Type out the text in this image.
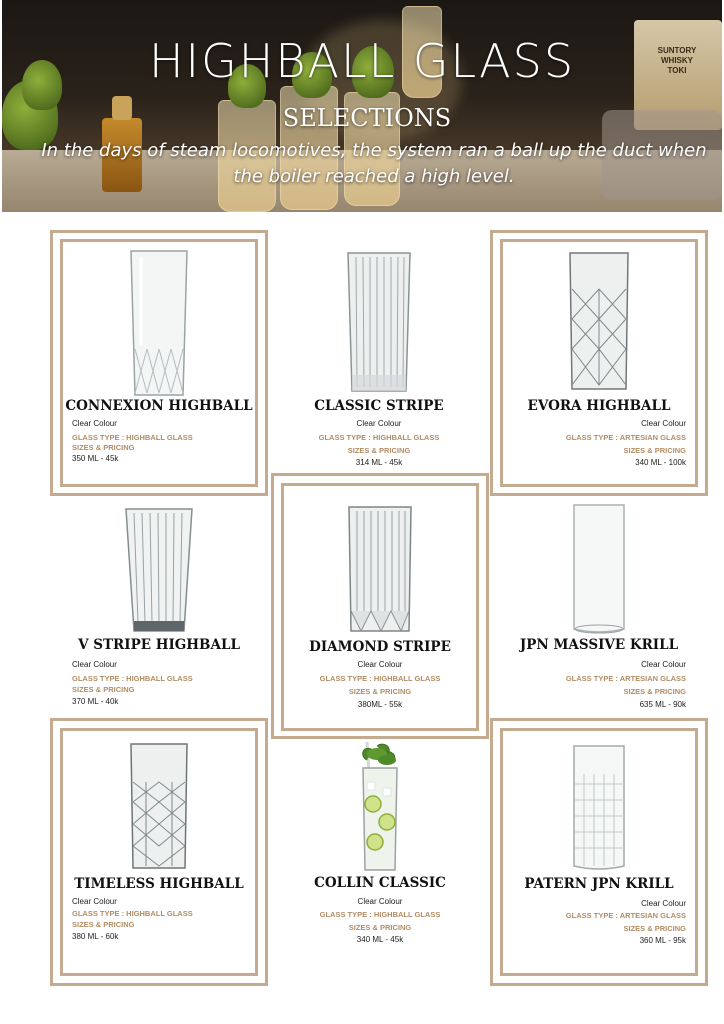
SUNTORY WHISKY TOKI
HIGHBALL GLASS
SELECTIONS
In the days of steam locomotives, the system ran a ball up the duct when
the boiler reached a high level.
CONNEXION HIGHBALL
Clear Colour
GLASS TYPE : HIGHBALL GLASS
SIZES & PRICING
350 ML - 45k
CLASSIC STRIPE
Clear Colour
GLASS TYPE : HIGHBALL GLASS
SIZES & PRICING
314 ML - 45k
EVORA HIGHBALL
Clear Colour
GLASS TYPE : ARTESIAN GLASS
SIZES & PRICING
340 ML - 100k
V STRIPE HIGHBALL
Clear Colour
GLASS TYPE : HIGHBALL GLASS
SIZES & PRICING
370 ML - 40k
DIAMOND STRIPE
Clear Colour
GLASS TYPE : HIGHBALL GLASS
SIZES & PRICING
380ML - 55k
JPN MASSIVE KRILL
Clear Colour
GLASS TYPE : ARTESIAN GLASS
SIZES & PRICING
635 ML - 90k
TIMELESS HIGHBALL
Clear Colour
GLASS TYPE : HIGHBALL GLASS
SIZES & PRICING
380 ML - 60k
COLLIN CLASSIC
Clear Colour
GLASS TYPE : HIGHBALL GLASS
SIZES & PRICING
340 ML - 45k
PATERN JPN KRILL
Clear Colour
GLASS TYPE : ARTESIAN GLASS
SIZES & PRICING
360 ML - 95k
